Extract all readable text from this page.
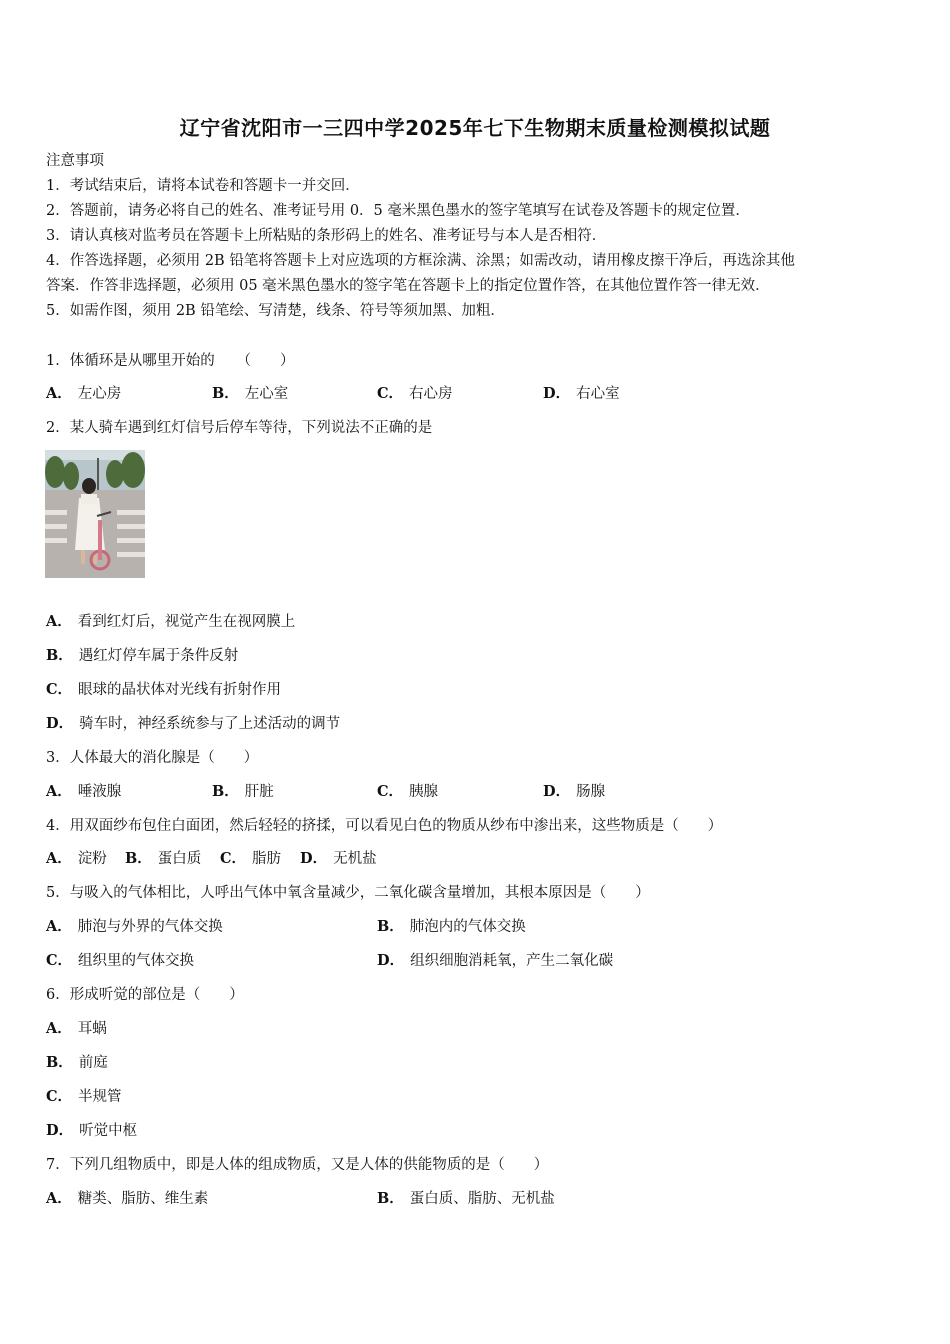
辽宁省沈阳市一三四中学2025年七下生物期末质量检测模拟试题
注意事项
1．考试结束后，请将本试卷和答题卡一并交回．
2．答题前，请务必将自己的姓名、准考证号用 0．5 毫米黑色墨水的签字笔填写在试卷及答题卡的规定位置．
3．请认真核对监考员在答题卡上所粘贴的条形码上的姓名、准考证号与本人是否相符．
4．作答选择题，必须用 2B 铅笔将答题卡上对应选项的方框涂满、涂黑；如需改动，请用橡皮擦干净后，再选涂其他
答案．作答非选择题，必须用 05 毫米黑色墨水的签字笔在答题卡上的指定位置作答，在其他位置作答一律无效．
5．如需作图，须用 2B 铅笔绘、写清楚，线条、符号等须加黑、加粗．
1．体循环是从哪里开始的　　（　　）
A． 左心房	B． 左心室	C． 右心房	D． 右心室
2．某人骑车遇到红灯信号后停车等待，下列说法不正确的是
A． 看到红灯后，视觉产生在视网膜上
B． 遇红灯停车属于条件反射
C． 眼球的晶状体对光线有折射作用
D． 骑车时，神经系统参与了上述活动的调节
3．人体最大的消化腺是（　　）
A． 唾液腺	B． 肝脏	C． 胰腺	D． 肠腺
4．用双面纱布包住白面团，然后轻轻的挤揉，可以看见白色的物质从纱布中渗出来，这些物质是（　　）
A． 淀粉 B． 蛋白质 C． 脂肪 D． 无机盐
5．与吸入的气体相比，人呼出气体中氧含量减少，二氧化碳含量增加，其根本原因是（　　）
A． 肺泡与外界的气体交换	B． 肺泡内的气体交换
C． 组织里的气体交换	D． 组织细胞消耗氧，产生二氧化碳
6．形成听觉的部位是（　　）
A． 耳蜗
B． 前庭
C． 半规管
D． 听觉中枢
7．下列几组物质中，即是人体的组成物质，又是人体的供能物质的是（　　）
A． 糖类、脂肪、维生素	B． 蛋白质、脂肪、无机盐
